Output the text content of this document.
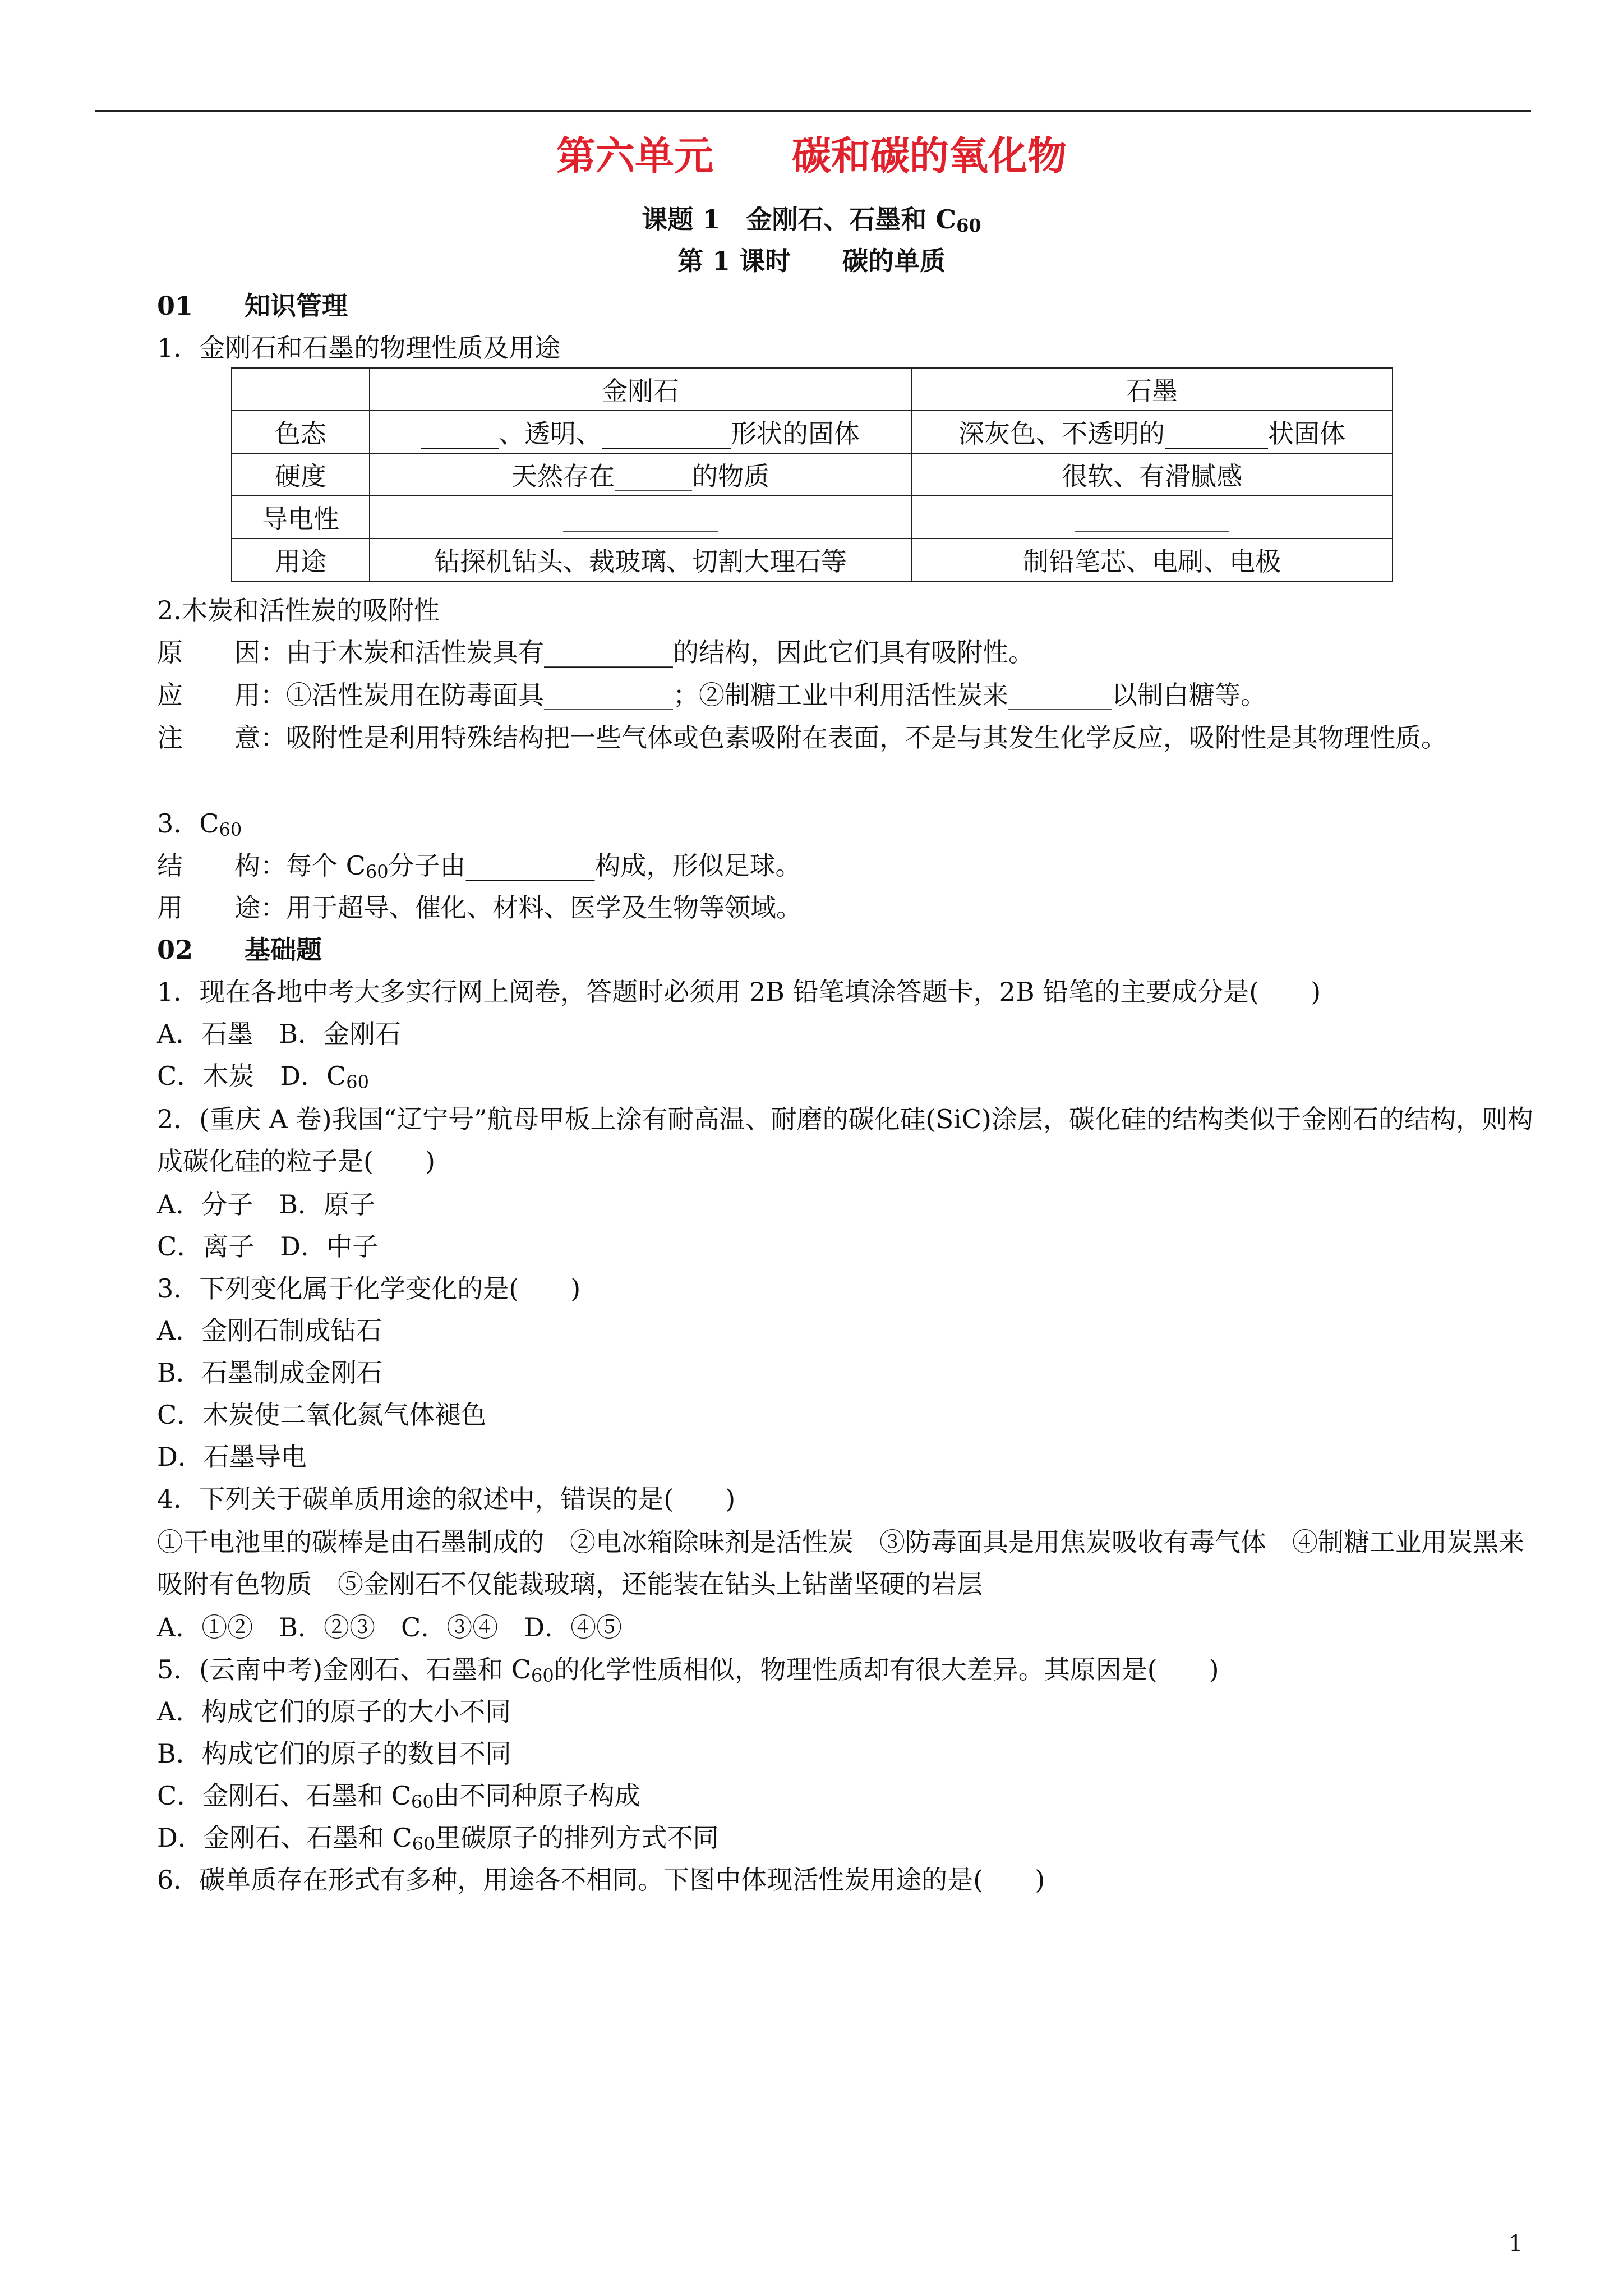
第六单元　　碳和碳的氧化物
课题 1　金刚石、石墨和 $C_{60}$
第 1 课时　　碳的单质
01　　知识管理
1．金刚石和石墨的物理性质及用途
	金刚石	石墨
色态	______、透明、__________形状的固体	深灰色、不透明的________状固体
硬度	天然存在______的物质	很软、有滑腻感
导电性	____________	____________
用途	钻探机钻头、裁玻璃、切割大理石等	制铅笔芯、电刷、电极
2.木炭和活性炭的吸附性
原　　因：由于木炭和活性炭具有__________的结构，因此它们具有吸附性。
应　　用：①活性炭用在防毒面具__________；②制糖工业中利用活性炭来________以制白糖等。
注　　意：吸附性是利用特殊结构把一些气体或色素吸附在表面，不是与其发生化学反应，吸附性是其物理性质。
3．$C_{60}$
结　　构：每个 $C_{60}$分子由__________构成，形似足球。
用　　途：用于超导、催化、材料、医学及生物等领域。
02　　基础题
1．现在各地中考大多实行网上阅卷，答题时必须用 2B 铅笔填涂答题卡，2B 铅笔的主要成分是(　　)
A．石墨　B．金刚石
C．木炭　D．$C_{60}$
2．(重庆 A 卷)我国“辽宁号”航母甲板上涂有耐高温、耐磨的碳化硅(SiC)涂层，碳化硅的结构类似于金刚石的结构，则构成碳化硅的粒子是(　　)
A．分子　B．原子
C．离子　D．中子
3．下列变化属于化学变化的是(　　)
A．金刚石制成钻石
B．石墨制成金刚石
C．木炭使二氧化氮气体褪色
D．石墨导电
4．下列关于碳单质用途的叙述中，错误的是(　　)
①干电池里的碳棒是由石墨制成的　②电冰箱除味剂是活性炭　③防毒面具是用焦炭吸收有毒气体　④制糖工业用炭黑来吸附有色物质　⑤金刚石不仅能裁玻璃，还能装在钻头上钻凿坚硬的岩层
A．①②　B．②③　C．③④　D．④⑤
5．(云南中考)金刚石、石墨和 $C_{60}$的化学性质相似，物理性质却有很大差异。其原因是(　　)
A．构成它们的原子的大小不同
B．构成它们的原子的数目不同
C．金刚石、石墨和 $C_{60}$由不同种原子构成
D．金刚石、石墨和 $C_{60}$里碳原子的排列方式不同
6．碳单质存在形式有多种，用途各不相同。下图中体现活性炭用途的是(　　)
1
